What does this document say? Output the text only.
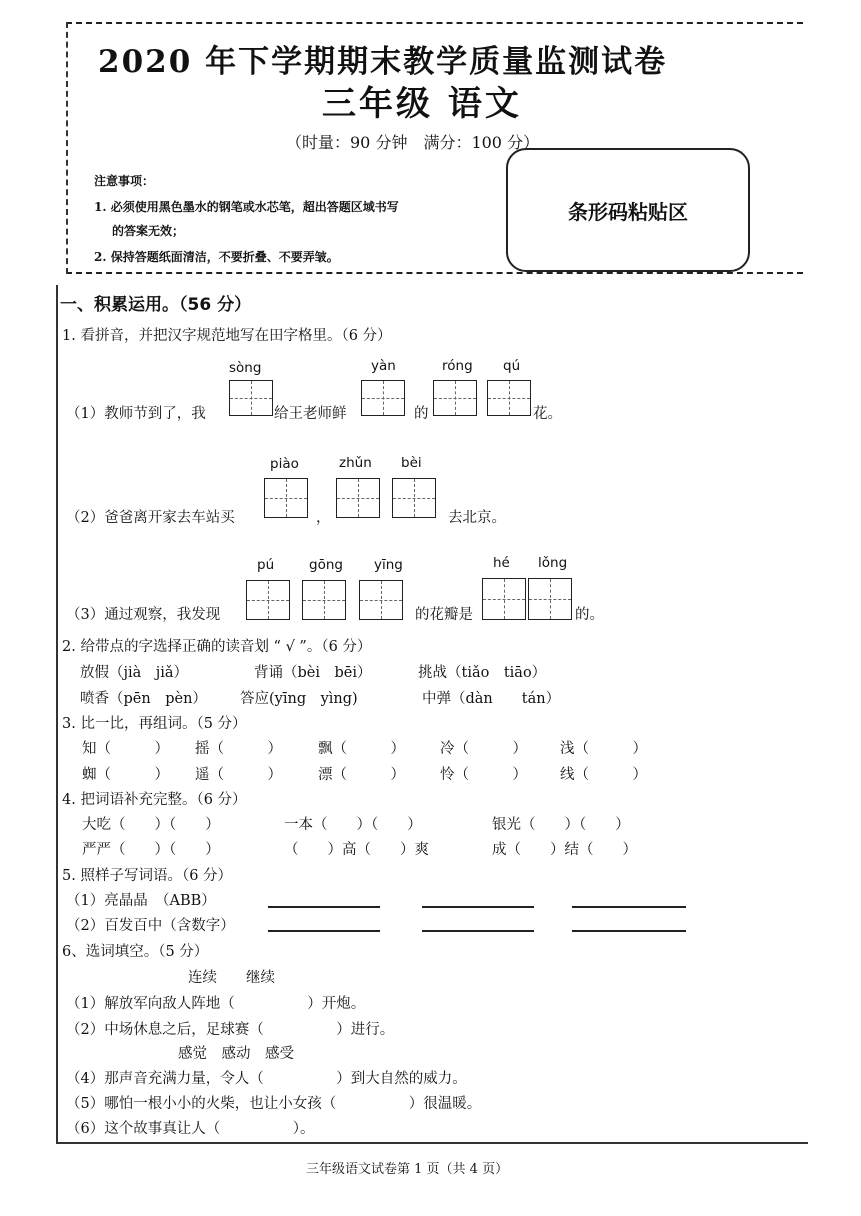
2020 年下学期期末教学质量监测试卷
三年级 语文
（时量：90 分钟　满分：100 分）
注意事项：
1. 必须使用黑色墨水的钢笔或水芯笔，超出答题区域书写
的答案无效；
2. 保持答题纸面清洁，不要折叠、不要弄皱。
条形码粘贴区
一、积累运用。（56 分）
1. 看拼音，并把汉字规范地写在田字格里。（6 分）
sòng	yàn	róng qú
（1）教师节到了，我	给王老师鲜	的	花。
piào	zhǔn bèi
（2）爸爸离开家去车站买	，	去北京。
pú	gōng yīng	hé lǒng
（3）通过观察，我发现	的花瓣是	的。
2. 给带点的字选择正确的读音划 “ √ ”。（6 分）
放假（jià　jiǎ）	背诵（bèi　bēi）	挑战（tiǎo　tiāo）
喷香（pēn　pèn） 答应(yīng　yìng)	中弹（dàn　　tán）
3. 比一比，再组词。（5 分）
知（　　　） 摇（　　　） 飘（　　　） 冷（　　　） 浅（　　　）
蜘（　　　） 遥（　　　） 漂（　　　） 怜（　　　） 线（　　　）
4. 把词语补充完整。（6 分）
大吃（　　）（　　）	一本（　　）（　　）	银光（　　）（　　）
严严（　　）（　　）	（　　）高（　　）爽	成（　　）结（　　）
5. 照样子写词语。（6 分）
（1）亮晶晶　（ABB）
（2）百发百中（含数字）
6、选词填空。（5 分）
连续　　继续
（1）解放军向敌人阵地（　　　　　）开炮。
（2）中场休息之后，足球赛（　　　　　）进行。
感觉　感动　感受
（4）那声音充满力量，令人（　　　　　）到大自然的威力。
（5）哪怕一根小小的火柴，也让小女孩（　　　　　）很温暖。
（6）这个故事真让人（　　　　　）。
三年级语文试卷第 1 页（共 4 页）
